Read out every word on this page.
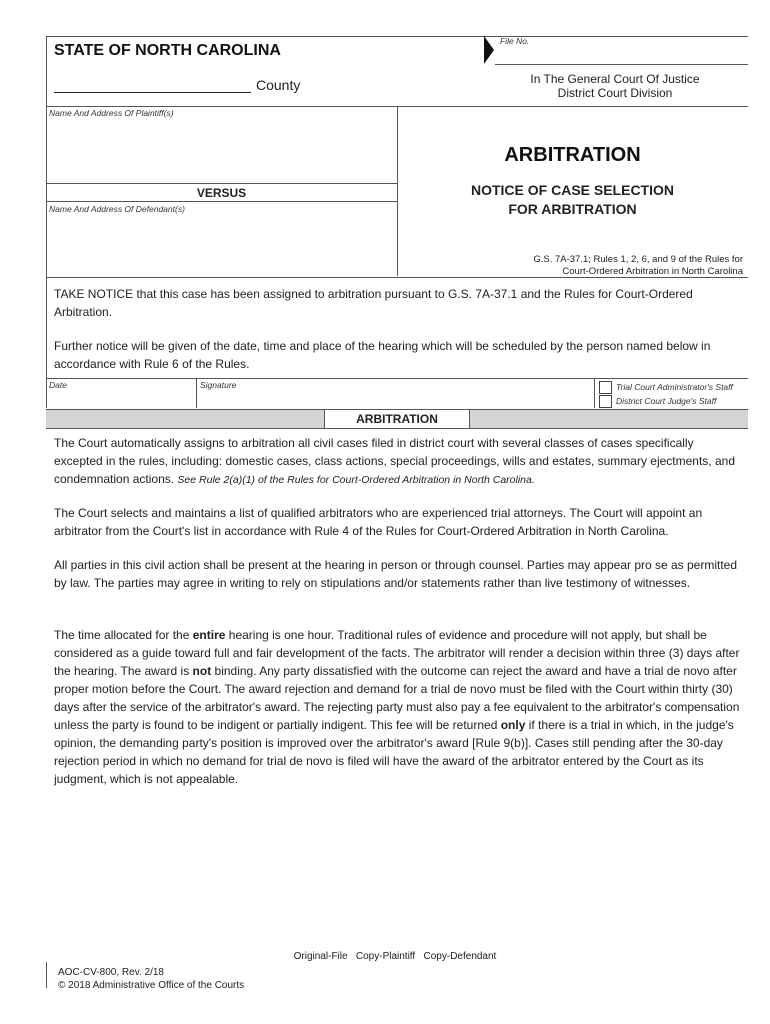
File No.
STATE OF NORTH CAROLINA
County	In The General Court Of Justice
District Court Division
Name And Address Of Plaintiff(s)
VERSUS
Name And Address Of Defendant(s)
ARBITRATION
NOTICE OF CASE SELECTION
FOR ARBITRATION
G.S. 7A-37.1; Rules 1, 2, 6, and 9 of the Rules for
Court-Ordered Arbitration in North Carolina
TAKE NOTICE that this case has been assigned to arbitration pursuant to G.S. 7A-37.1 and the Rules for Court-Ordered Arbitration.
Further notice will be given of the date, time and place of the hearing which will be scheduled by the person named below in accordance with Rule 6 of the Rules.
Date	Signature	Trial Court Administrator's Staff
District Court Judge's Staff
ARBITRATION
The Court automatically assigns to arbitration all civil cases filed in district court with several classes of cases specifically excepted in the rules, including: domestic cases, class actions, special proceedings, wills and estates, summary ejectments, and condemnation actions. See Rule 2(a)(1) of the Rules for Court-Ordered Arbitration in North Carolina.
The Court selects and maintains a list of qualified arbitrators who are experienced trial attorneys. The Court will appoint an arbitrator from the Court's list in accordance with Rule 4 of the Rules for Court-Ordered Arbitration in North Carolina.
All parties in this civil action shall be present at the hearing in person or through counsel. Parties may appear pro se as permitted by law. The parties may agree in writing to rely on stipulations and/or statements rather than live testimony of witnesses.
The time allocated for the entire hearing is one hour. Traditional rules of evidence and procedure will not apply, but shall be considered as a guide toward full and fair development of the facts. The arbitrator will render a decision within three (3) days after the hearing. The award is not binding. Any party dissatisfied with the outcome can reject the award and have a trial de novo after proper motion before the Court. The award rejection and demand for a trial de novo must be filed with the Court within thirty (30) days after the service of the arbitrator's award. The rejecting party must also pay a fee equivalent to the arbitrator's compensation unless the party is found to be indigent or partially indigent. This fee will be returned only if there is a trial in which, in the judge's opinion, the demanding party's position is improved over the arbitrator's award [Rule 9(b)]. Cases still pending after the 30-day rejection period in which no demand for trial de novo is filed will have the award of the arbitrator entered by the Court as its judgment, which is not appealable.
Original-File   Copy-Plaintiff   Copy-Defendant
AOC-CV-800, Rev. 2/18
© 2018 Administrative Office of the Courts
